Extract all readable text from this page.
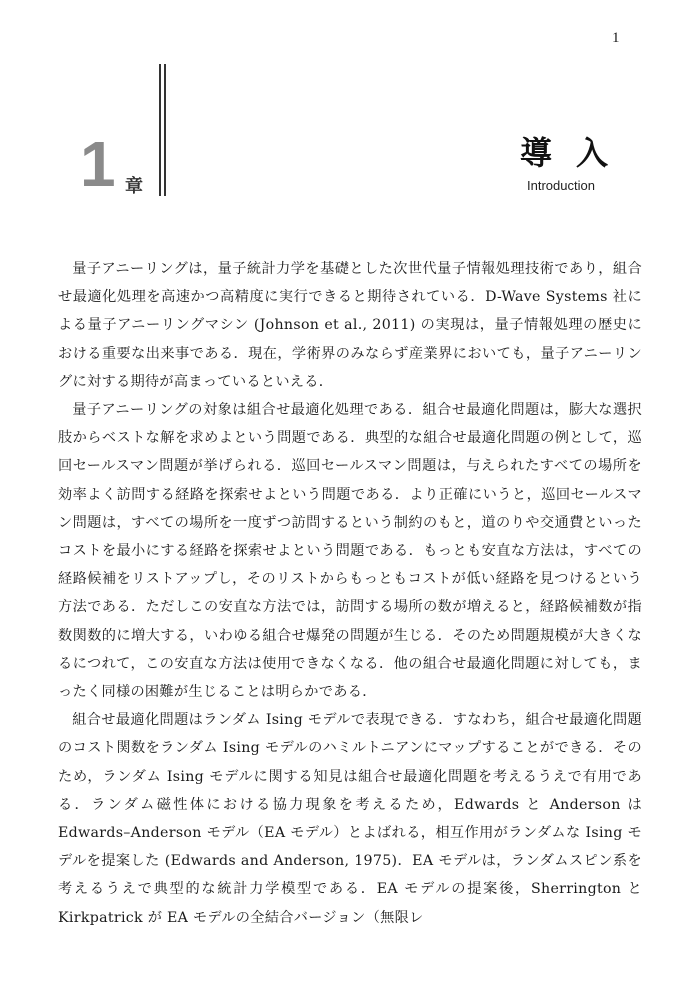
1
1 章
導入
Introduction

量子アニーリングは，量子統計力学を基礎とした次世代量子情報処理技術であり，組合せ最適化処理を高速かつ高精度に実行できると期待されている．D-Wave Systems 社による量子アニーリングマシン (Johnson et al., 2011) の実現は，量子情報処理の歴史における重要な出来事である．現在，学術界のみならず産業界においても，量子アニーリングに対する期待が高まっているといえる．

量子アニーリングの対象は組合せ最適化処理である．組合せ最適化問題は，膨大な選択肢からベストな解を求めよという問題である．典型的な組合せ最適化問題の例として，巡回セールスマン問題が挙げられる．巡回セールスマン問題は，与えられたすべての場所を効率よく訪問する経路を探索せよという問題である．より正確にいうと，巡回セールスマン問題は，すべての場所を一度ずつ訪問するという制約のもと，道のりや交通費といったコストを最小にする経路を探索せよという問題である．もっとも安直な方法は，すべての経路候補をリストアップし，そのリストからもっともコストが低い経路を見つけるという方法である．ただしこの安直な方法では，訪問する場所の数が増えると，経路候補数が指数関数的に増大する，いわゆる組合せ爆発の問題が生じる．そのため問題規模が大きくなるにつれて，この安直な方法は使用できなくなる．他の組合せ最適化問題に対しても，まったく同様の困難が生じることは明らかである．

組合せ最適化問題はランダム Ising モデルで表現できる．すなわち，組合せ最適化問題のコスト関数をランダム Ising モデルのハミルトニアンにマップすることができる．そのため，ランダム Ising モデルに関する知見は組合せ最適化問題を考えるうえで有用である．ランダム磁性体における協力現象を考えるため，Edwards と Anderson は Edwards–Anderson モデル（EA モデル）とよばれる，相互作用がランダムな Ising モデルを提案した (Edwards and Anderson, 1975)．EA モデルは，ランダムスピン系を考えるうえで典型的な統計力学模型である．EA モデルの提案後，Sherrington と Kirkpatrick が EA モデルの全結合バージョン（無限レ
